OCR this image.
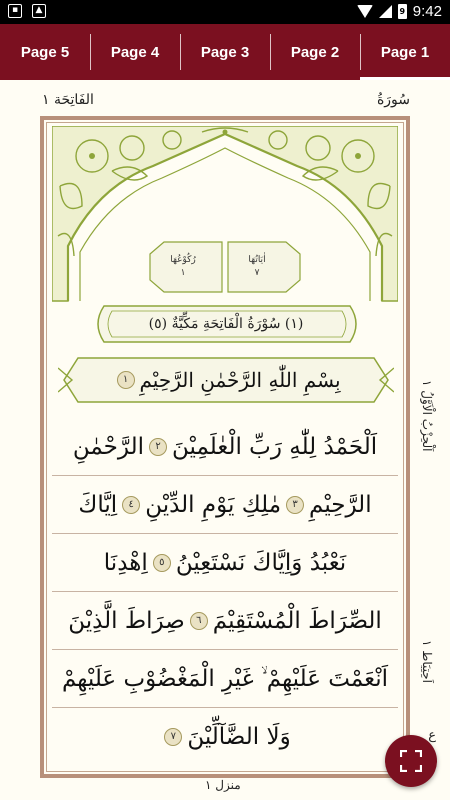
▪	▲	9 9:42
Page 5	Page 4	Page 3	Page 2	Page 1
الفَاتِحَة ١	سُورَةُ
رُكُوْعُهَا
١
اٰيَاتُهَا
٧
(١) سُوْرَةُ الْفَاتِحَةِ مَكِّيَّةٌ (٥)
بِسْمِ اللّٰهِ الرَّحْمٰنِ الرَّحِيْمِ
١
اَلْحَمْدُ لِلّٰهِ رَبِّ الْعٰلَمِيْنَ
٢
الرَّحْمٰنِ
الرَّحِيْمِ
٣
مٰلِكِ يَوْمِ الدِّيْنِ
٤
اِيَّاكَ
نَعْبُدُ وَاِيَّاكَ نَسْتَعِيْنُ
٥
اِهْدِنَا
الصِّرَاطَ الْمُسْتَقِيْمَ
٦
صِرَاطَ الَّذِيْنَ
اَنْعَمْتَ عَلَيْهِمْ ۙ غَيْرِ الْمَغْضُوْبِ عَلَيْهِمْ
وَلَا الضَّآلِّيْنَ
٧
اَلْحِزْبُ الْاَوَّلُ ١
اَحِتِيَاط ١
ع
منزل ١
